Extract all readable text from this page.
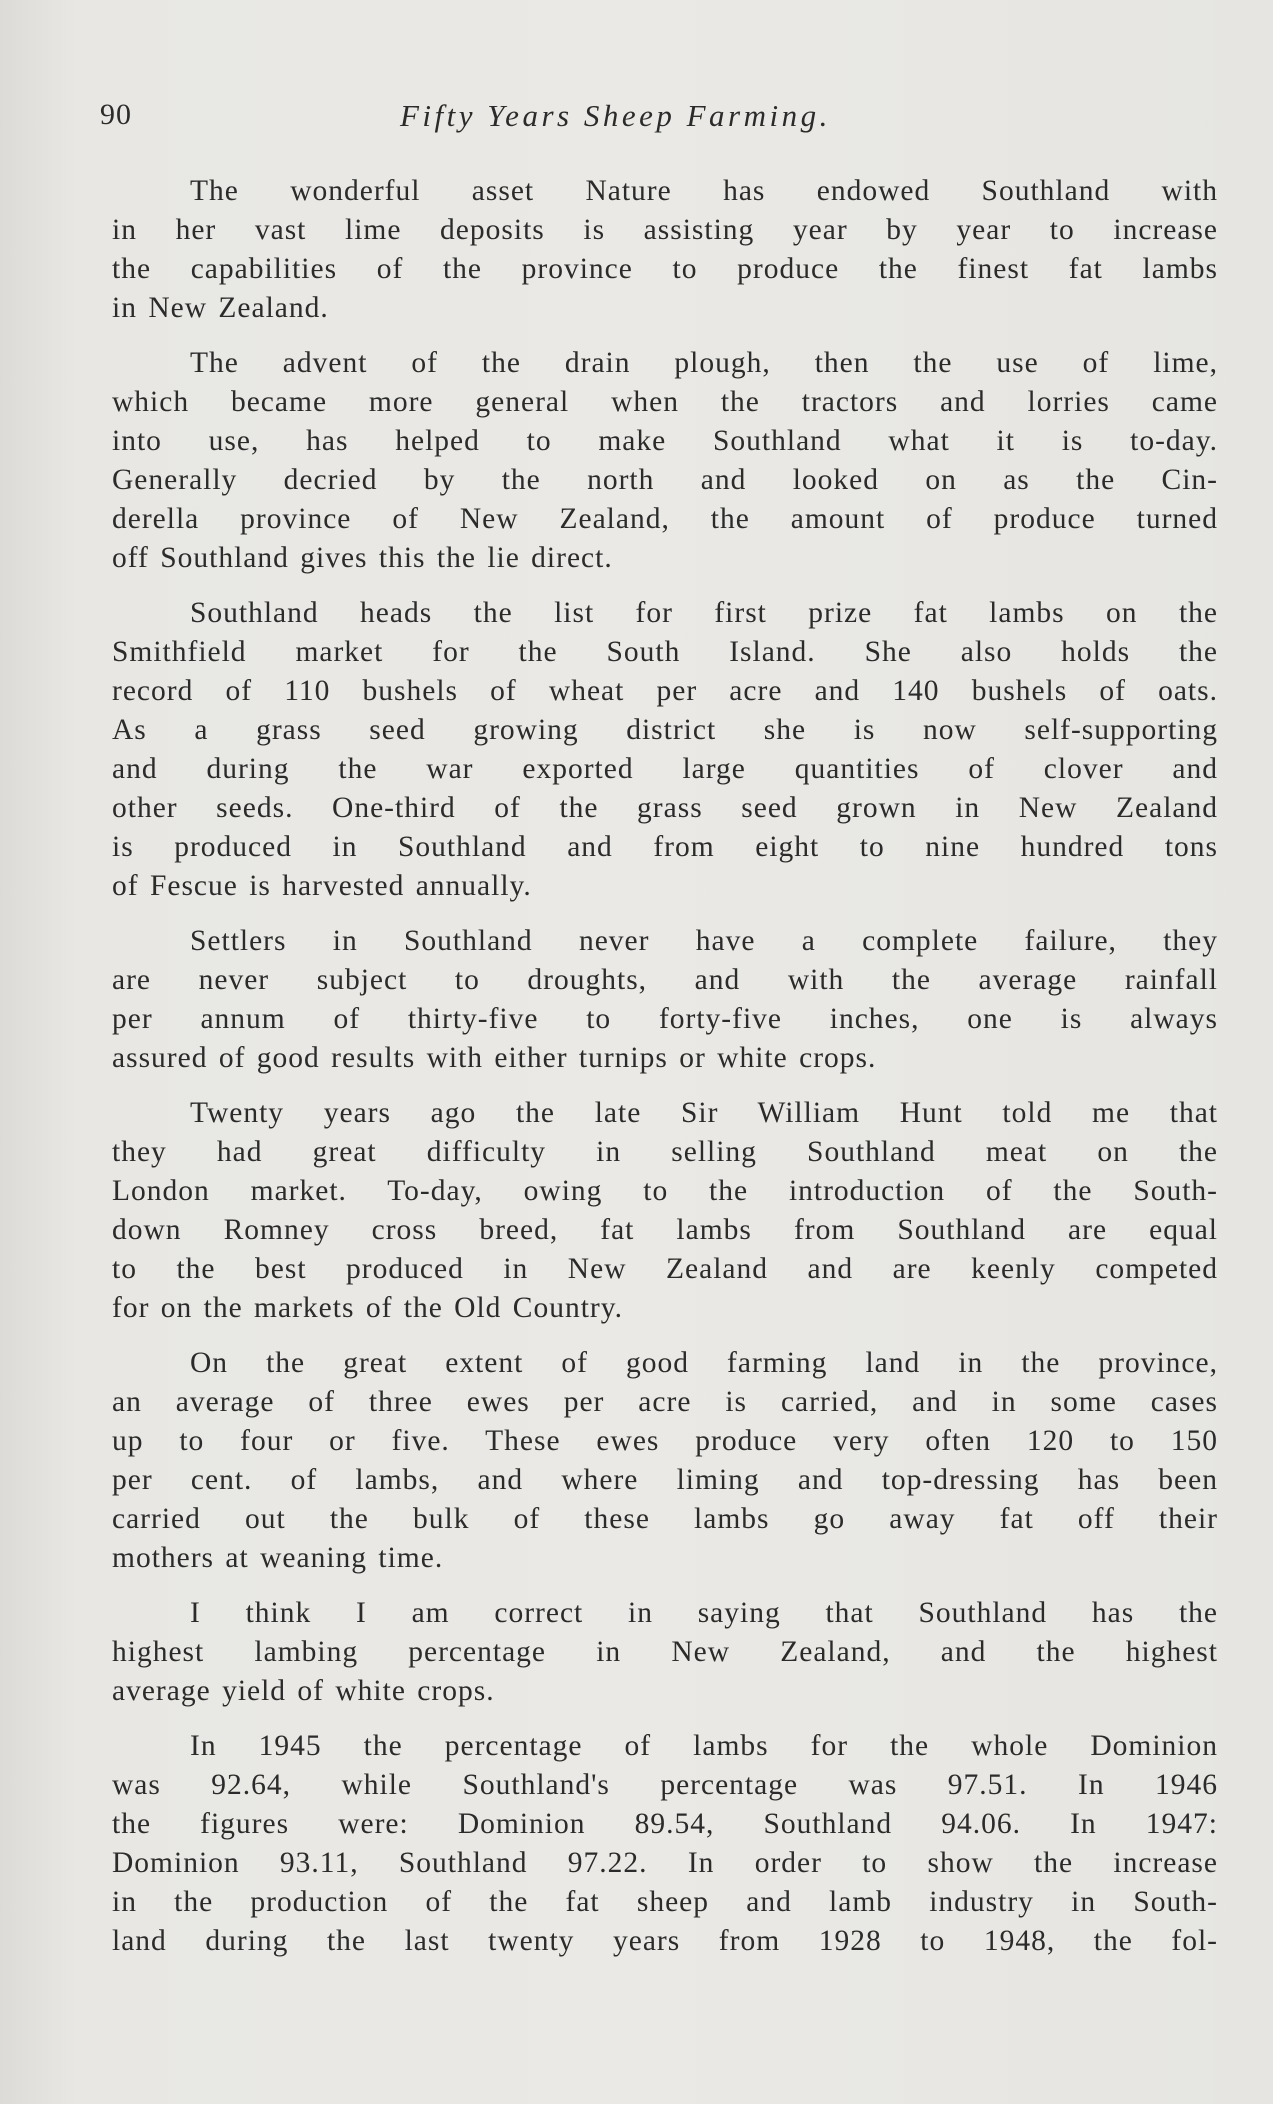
90	Fifty Years Sheep Farming.
The wonderful asset Nature has endowed Southland with
in her vast lime deposits is assisting year by year to increase
the capabilities of the province to produce the finest fat lambs
in New Zealand.
The advent of the drain plough, then the use of lime,
which became more general when the tractors and lorries came
into use, has helped to make Southland what it is to-day.
Generally decried by the north and looked on as the Cin-
derella province of New Zealand, the amount of produce turned
off Southland gives this the lie direct.
Southland heads the list for first prize fat lambs on the
Smithfield market for the South Island. She also holds the
record of 110 bushels of wheat per acre and 140 bushels of oats.
As a grass seed growing district she is now self-supporting
and during the war exported large quantities of clover and
other seeds. One-third of the grass seed grown in New Zealand
is produced in Southland and from eight to nine hundred tons
of Fescue is harvested annually.
Settlers in Southland never have a complete failure, they
are never subject to droughts, and with the average rainfall
per annum of thirty-five to forty-five inches, one is always
assured of good results with either turnips or white crops.
Twenty years ago the late Sir William Hunt told me that
they had great difficulty in selling Southland meat on the
London market. To-day, owing to the introduction of the South-
down Romney cross breed, fat lambs from Southland are equal
to the best produced in New Zealand and are keenly competed
for on the markets of the Old Country.
On the great extent of good farming land in the province,
an average of three ewes per acre is carried, and in some cases
up to four or five. These ewes produce very often 120 to 150
per cent. of lambs, and where liming and top-dressing has been
carried out the bulk of these lambs go away fat off their
mothers at weaning time.
I think I am correct in saying that Southland has the
highest lambing percentage in New Zealand, and the highest
average yield of white crops.
In 1945 the percentage of lambs for the whole Dominion
was 92.64, while Southland's percentage was 97.51. In 1946
the figures were: Dominion 89.54, Southland 94.06. In 1947:
Dominion 93.11, Southland 97.22. In order to show the increase
in the production of the fat sheep and lamb industry in South-
land during the last twenty years from 1928 to 1948, the fol-
